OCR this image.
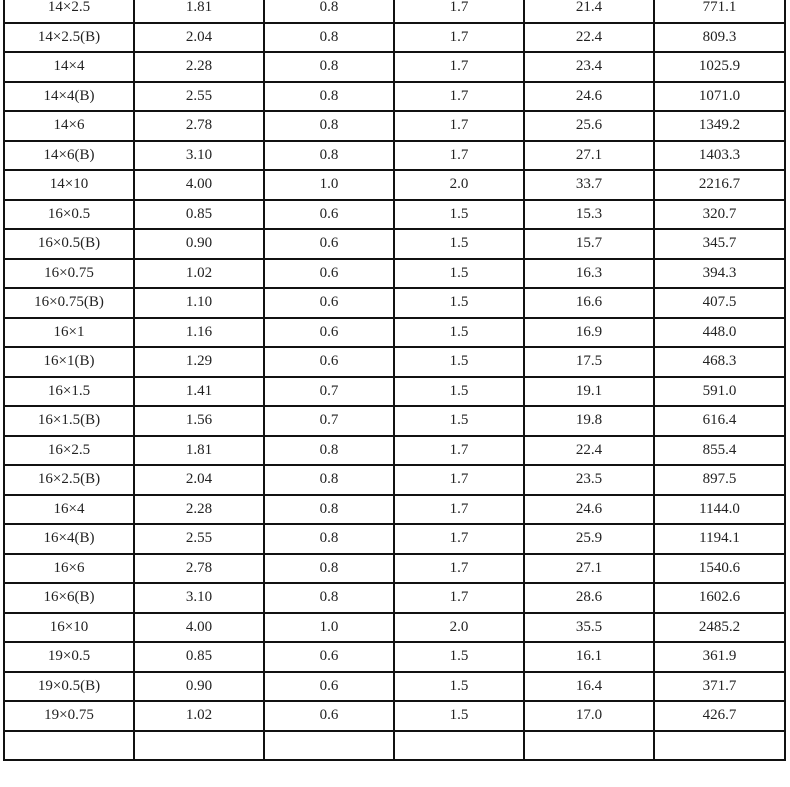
14×2.5	1.81	0.8	1.7	21.4	771.1
14×2.5(B)	2.04	0.8	1.7	22.4	809.3
14×4	2.28	0.8	1.7	23.4	1025.9
14×4(B)	2.55	0.8	1.7	24.6	1071.0
14×6	2.78	0.8	1.7	25.6	1349.2
14×6(B)	3.10	0.8	1.7	27.1	1403.3
14×10	4.00	1.0	2.0	33.7	2216.7
16×0.5	0.85	0.6	1.5	15.3	320.7
16×0.5(B)	0.90	0.6	1.5	15.7	345.7
16×0.75	1.02	0.6	1.5	16.3	394.3
16×0.75(B)	1.10	0.6	1.5	16.6	407.5
16×1	1.16	0.6	1.5	16.9	448.0
16×1(B)	1.29	0.6	1.5	17.5	468.3
16×1.5	1.41	0.7	1.5	19.1	591.0
16×1.5(B)	1.56	0.7	1.5	19.8	616.4
16×2.5	1.81	0.8	1.7	22.4	855.4
16×2.5(B)	2.04	0.8	1.7	23.5	897.5
16×4	2.28	0.8	1.7	24.6	1144.0
16×4(B)	2.55	0.8	1.7	25.9	1194.1
16×6	2.78	0.8	1.7	27.1	1540.6
16×6(B)	3.10	0.8	1.7	28.6	1602.6
16×10	4.00	1.0	2.0	35.5	2485.2
19×0.5	0.85	0.6	1.5	16.1	361.9
19×0.5(B)	0.90	0.6	1.5	16.4	371.7
19×0.75	1.02	0.6	1.5	17.0	426.7
